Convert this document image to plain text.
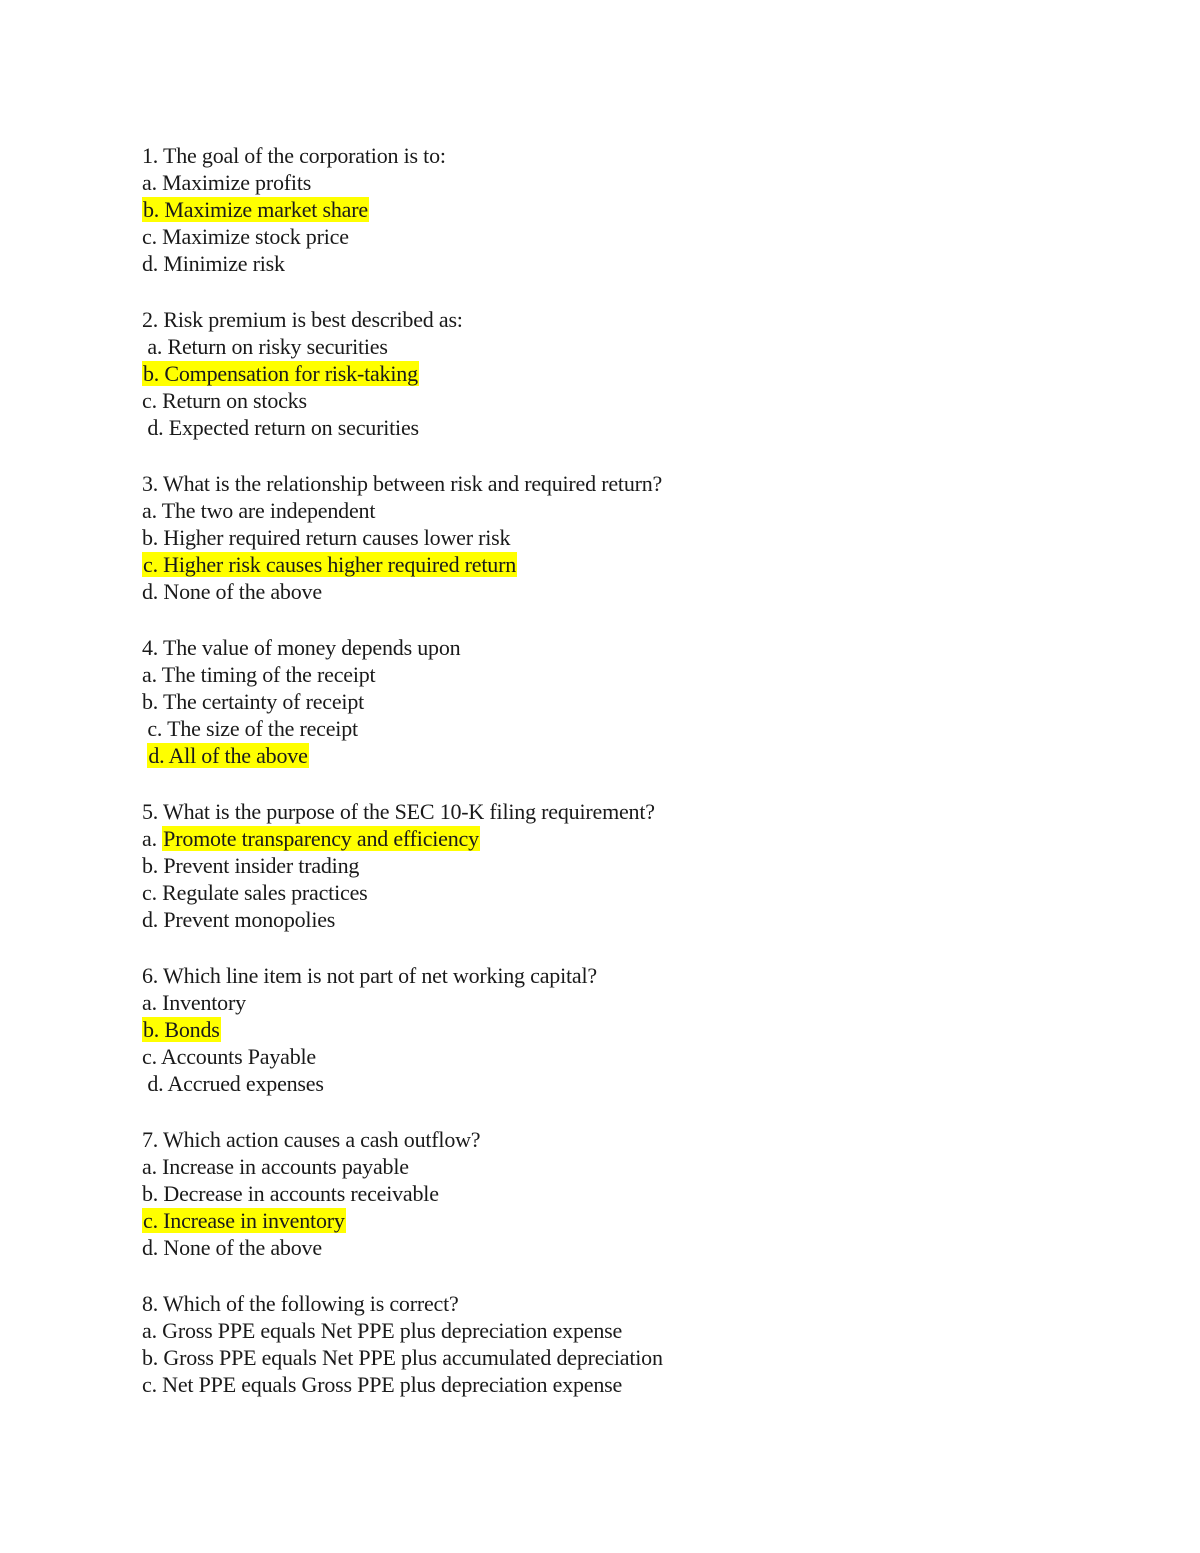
1. The goal of the corporation is to:
a. Maximize profits
b. Maximize market share
c. Maximize stock price
d. Minimize risk
2. Risk premium is best described as:
a. Return on risky securities
b. Compensation for risk-taking
c. Return on stocks
d. Expected return on securities
3. What is the relationship between risk and required return?
a. The two are independent
b. Higher required return causes lower risk
c. Higher risk causes higher required return
d. None of the above
4. The value of money depends upon
a. The timing of the receipt
b. The certainty of receipt
c. The size of the receipt
d. All of the above
5. What is the purpose of the SEC 10-K filing requirement?
a. Promote transparency and efficiency
b. Prevent insider trading
c. Regulate sales practices
d. Prevent monopolies
6. Which line item is not part of net working capital?
a. Inventory
b. Bonds
c. Accounts Payable
d. Accrued expenses
7. Which action causes a cash outflow?
a. Increase in accounts payable
b. Decrease in accounts receivable
c. Increase in inventory
d. None of the above
8. Which of the following is correct?
a. Gross PPE equals Net PPE plus depreciation expense
b. Gross PPE equals Net PPE plus accumulated depreciation
c. Net PPE equals Gross PPE plus depreciation expense
